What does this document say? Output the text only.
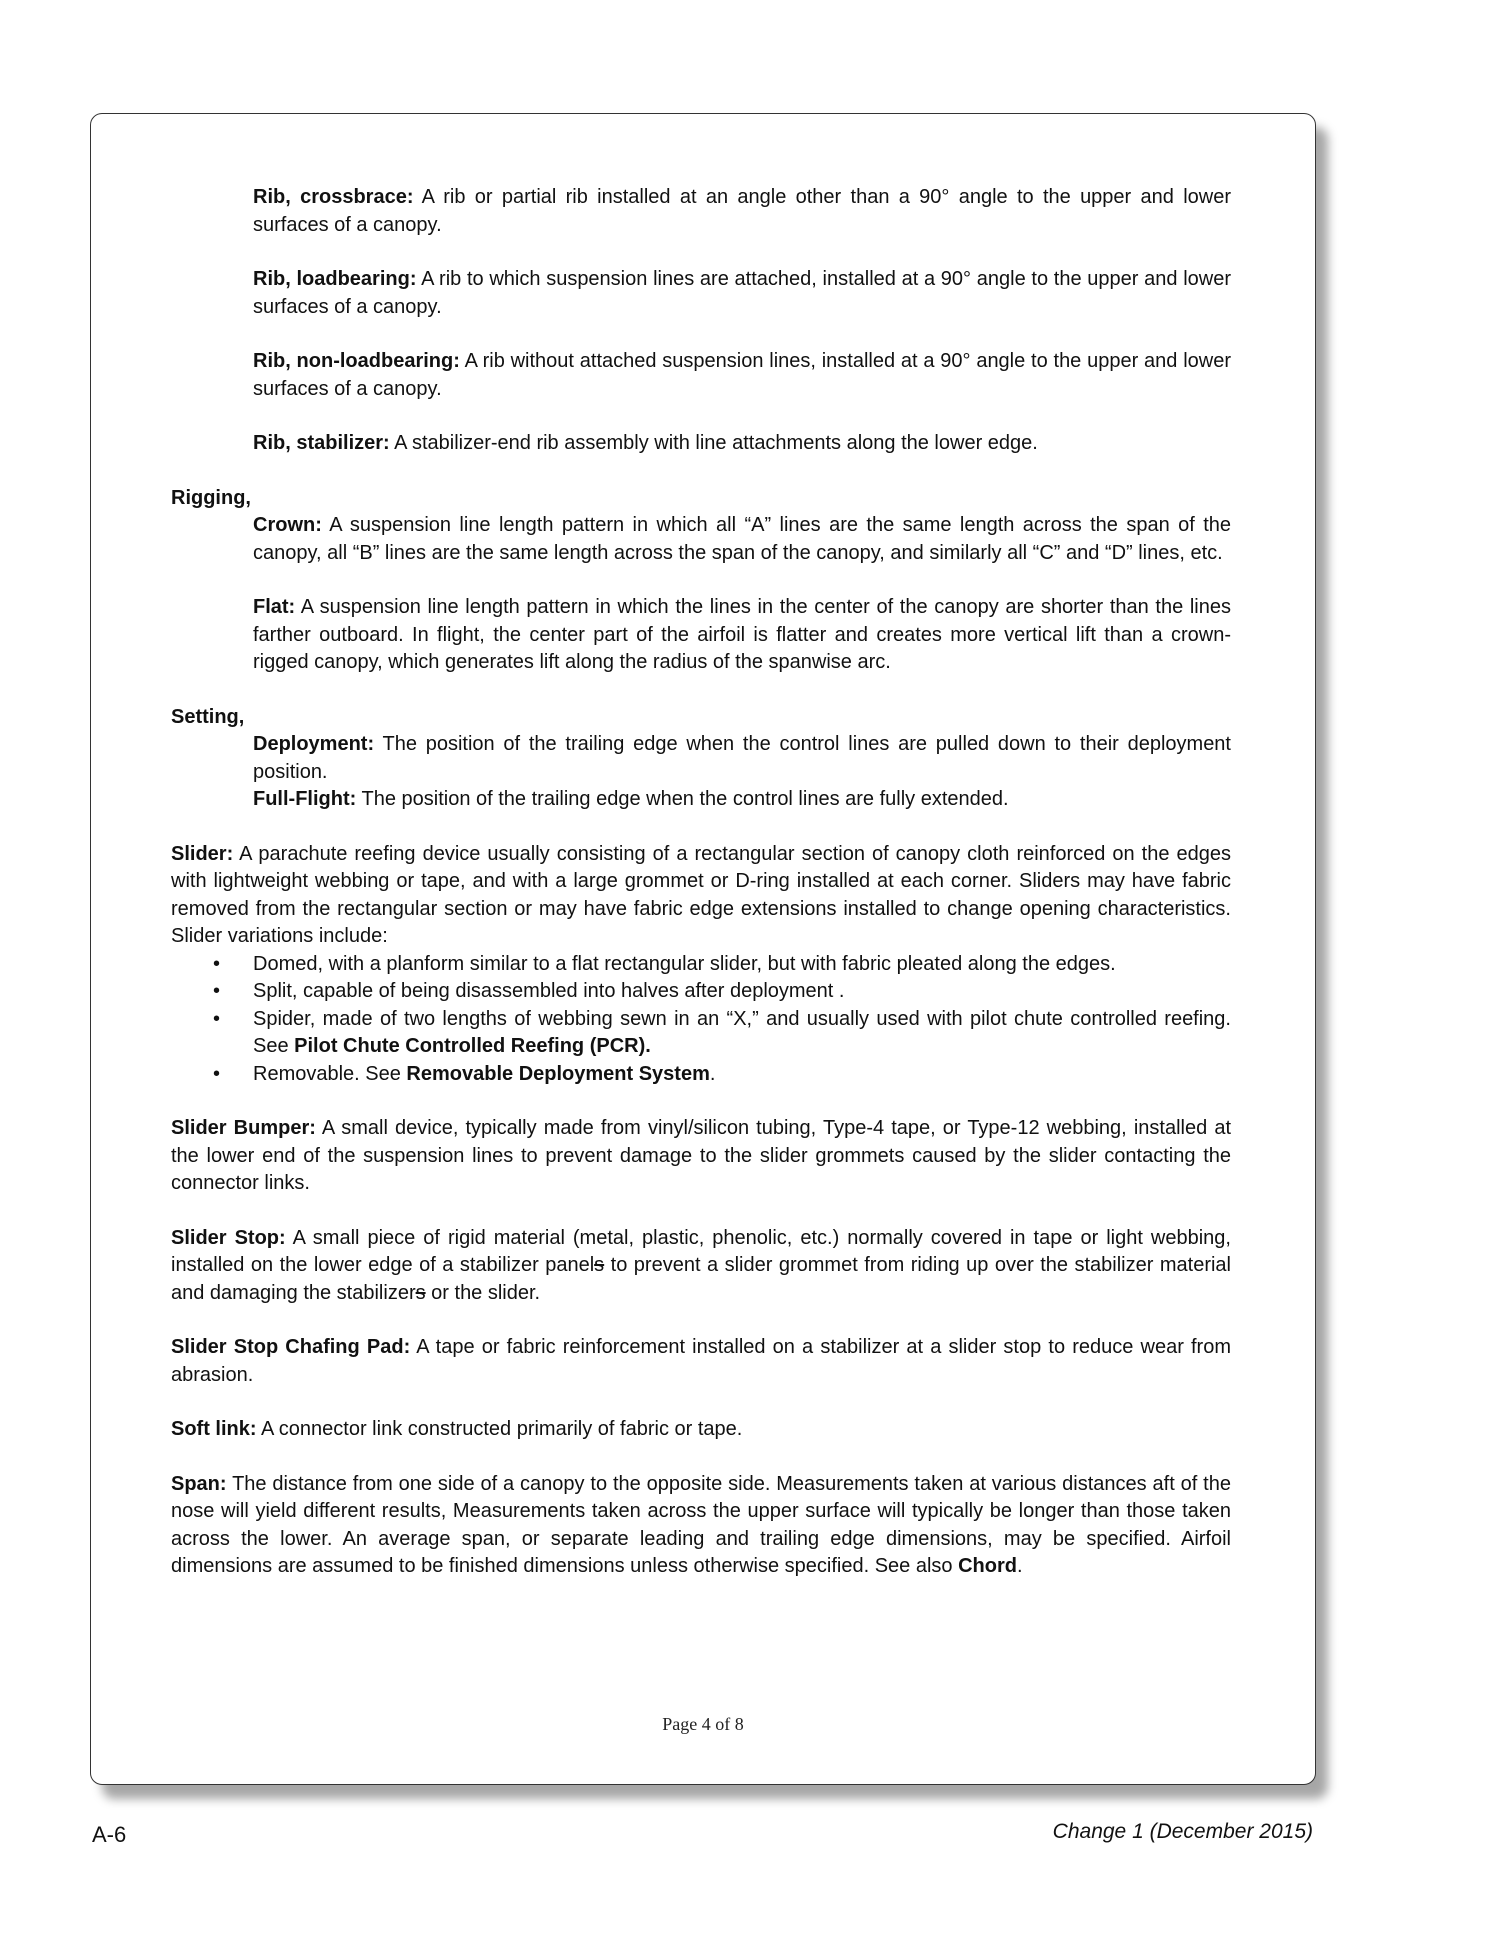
Rib, crossbrace: A rib or partial rib installed at an angle other than a 90° angle to the upper and lower surfaces of a canopy.

Rib, loadbearing: A rib to which suspension lines are attached, installed at a 90° angle to the upper and lower surfaces of a canopy.

Rib, non-loadbearing: A rib without attached suspension lines, installed at a 90° angle to the upper and lower surfaces of a canopy.

Rib, stabilizer: A stabilizer-end rib assembly with line attachments along the lower edge.

Rigging,

Crown: A suspension line length pattern in which all “A” lines are the same length across the span of the canopy, all “B” lines are the same length across the span of the canopy, and similarly all “C” and “D” lines, etc.

Flat: A suspension line length pattern in which the lines in the center of the canopy are shorter than the lines farther outboard. In flight, the center part of the airfoil is flatter and creates more vertical lift than a crown-rigged canopy, which generates lift along the radius of the spanwise arc.

Setting,

Deployment: The position of the trailing edge when the control lines are pulled down to their deployment position.

Full-Flight: The position of the trailing edge when the control lines are fully extended.

Slider: A parachute reefing device usually consisting of a rectangular section of canopy cloth reinforced on the edges with lightweight webbing or tape, and with a large grommet or D-ring installed at each corner. Sliders may have fabric removed from the rectangular section or may have fabric edge extensions installed to change opening characteristics. Slider variations include:

• Domed, with a planform similar to a flat rectangular slider, but with fabric pleated along the edges.
• Split, capable of being disassembled into halves after deployment .
• Spider, made of two lengths of webbing sewn in an “X,” and usually used with pilot chute controlled reefing. See Pilot Chute Controlled Reefing (PCR).
• Removable. See Removable Deployment System.

Slider Bumper: A small device, typically made from vinyl/silicon tubing, Type-4 tape, or Type-12 webbing, installed at the lower end of the suspension lines to prevent damage to the slider grommets caused by the slider contacting the connector links.

Slider Stop: A small piece of rigid material (metal, plastic, phenolic, etc.) normally covered in tape or light webbing, installed on the lower edge of a stabilizer panels to prevent a slider grommet from riding up over the stabilizer material and damaging the stabilizers or the slider.

Slider Stop Chafing Pad: A tape or fabric reinforcement installed on a stabilizer at a slider stop to reduce wear from abrasion.

Soft link: A connector link constructed primarily of fabric or tape.

Span: The distance from one side of a canopy to the opposite side. Measurements taken at various distances aft of the nose will yield different results, Measurements taken across the upper surface will typically be longer than those taken across the lower. An average span, or separate leading and trailing edge dimensions, may be specified. Airfoil dimensions are assumed to be finished dimensions unless otherwise specified. See also Chord.

Page 4 of 8
A-6	Change 1 (December 2015)
